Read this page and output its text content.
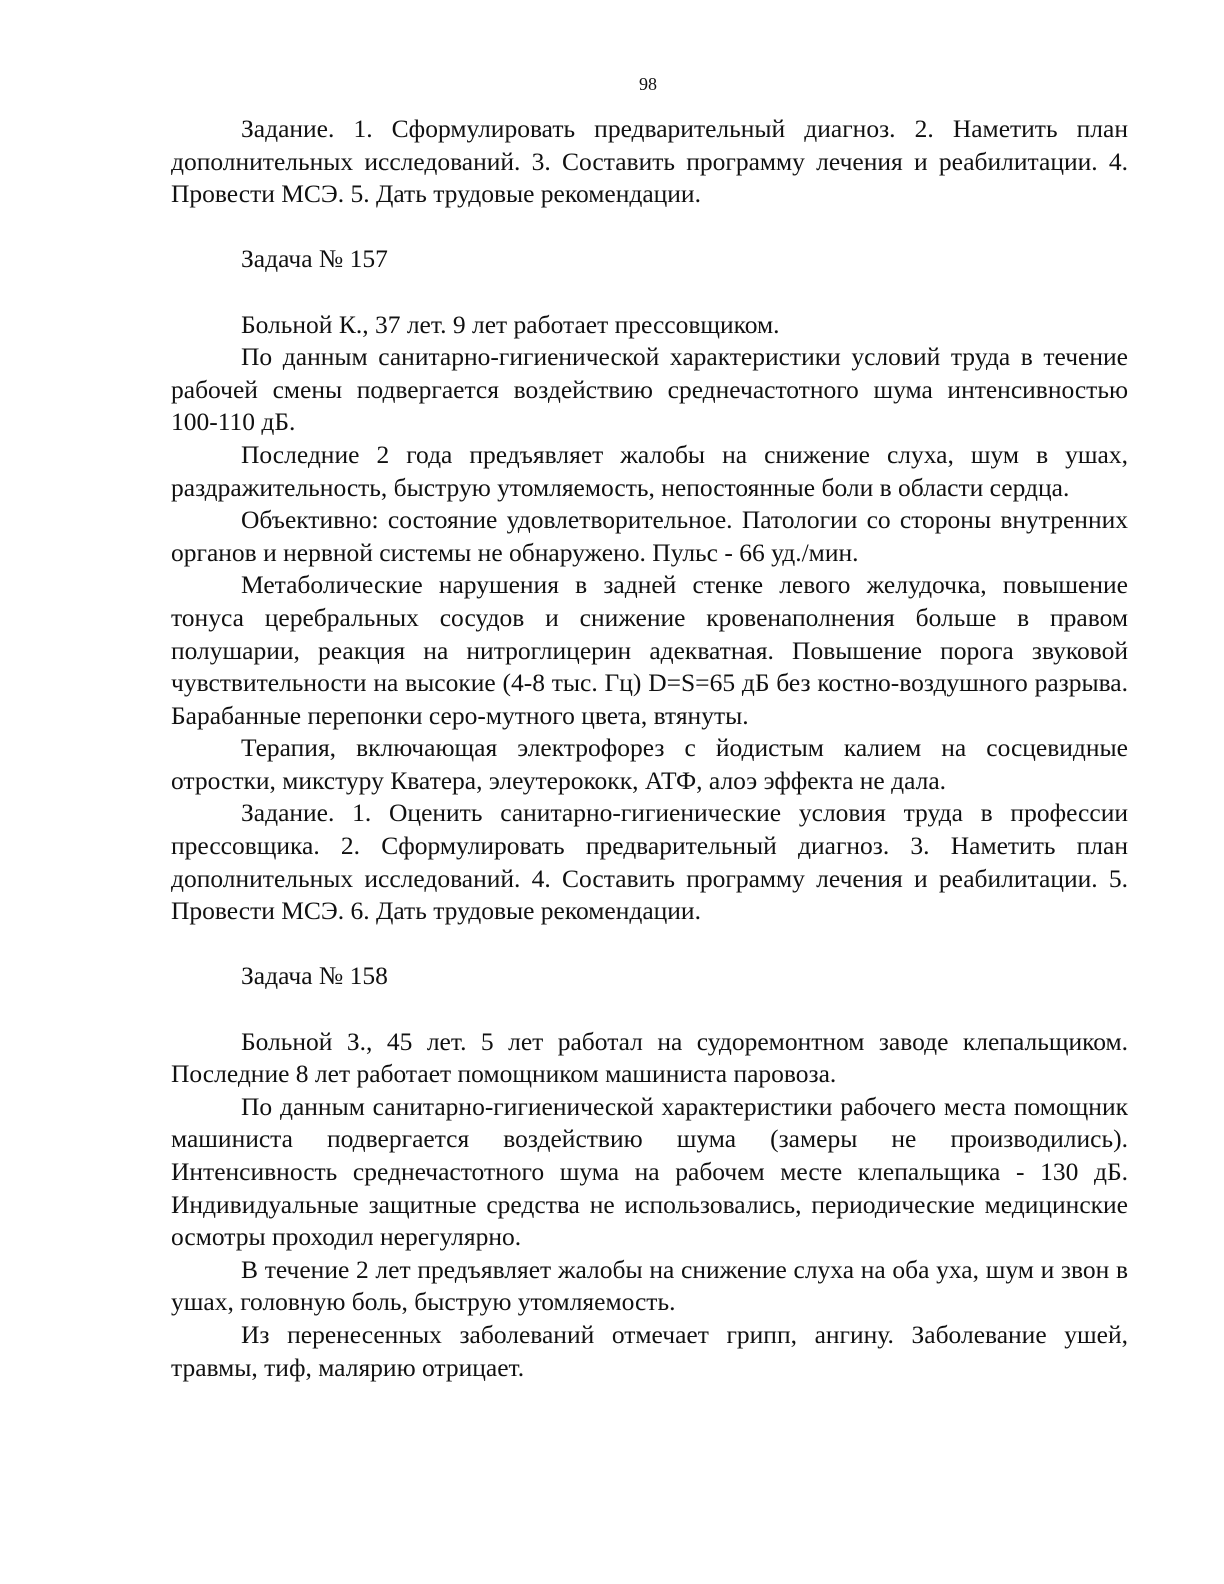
98

Задание. 1. Сформулировать предварительный диагноз. 2. Наметить план дополнительных исследований. 3. Составить программу лечения и реабилитации. 4. Провести МСЭ. 5. Дать трудовые рекомендации.

Задача № 157

Больной К., 37 лет. 9 лет работает прессовщиком.

По данным санитарно-гигиенической характеристики условий труда в течение рабочей смены подвергается воздействию среднечастотного шума интенсивностью 100-110 дБ.

Последние 2 года предъявляет жалобы на снижение слуха, шум в ушах, раздражительность, быструю утомляемость, непостоянные боли в области сердца.

Объективно: состояние удовлетворительное. Патологии со стороны внутренних органов и нервной системы не обнаружено. Пульс - 66 уд./мин.

Метаболические нарушения в задней стенке левого желудочка, повышение тонуса церебральных сосудов и снижение кровенаполнения больше в правом полушарии, реакция на нитроглицерин адекватная. Повышение порога звуковой чувствительности на высокие (4-8 тыс. Гц) D=S=65 дБ без костно-воздушного разрыва. Барабанные перепонки серо-мутного цвета, втянуты.

Терапия, включающая электрофорез с йодистым калием на сосцевидные отростки, микстуру Кватера, элеутерококк, АТФ, алоэ эффекта не дала.

Задание. 1. Оценить санитарно-гигиенические условия труда в профессии прессовщика. 2. Сформулировать предварительный диагноз. 3. Наметить план дополнительных исследований. 4. Составить программу лечения и реабилитации. 5. Провести МСЭ. 6. Дать трудовые рекомендации.

Задача № 158

Больной З., 45 лет. 5 лет работал на судоремонтном заводе клепальщиком. Последние 8 лет работает помощником машиниста паровоза.

По данным санитарно-гигиенической характеристики рабочего места помощник машиниста подвергается воздействию шума (замеры не производились). Интенсивность среднечастотного шума на рабочем месте клепальщика - 130 дБ. Индивидуальные защитные средства не использовались, периодические медицинские осмотры проходил нерегулярно.

В течение 2 лет предъявляет жалобы на снижение слуха на оба уха, шум и звон в ушах, головную боль, быструю утомляемость.

Из перенесенных заболеваний отмечает грипп, ангину. Заболевание ушей, травмы, тиф, малярию отрицает.
